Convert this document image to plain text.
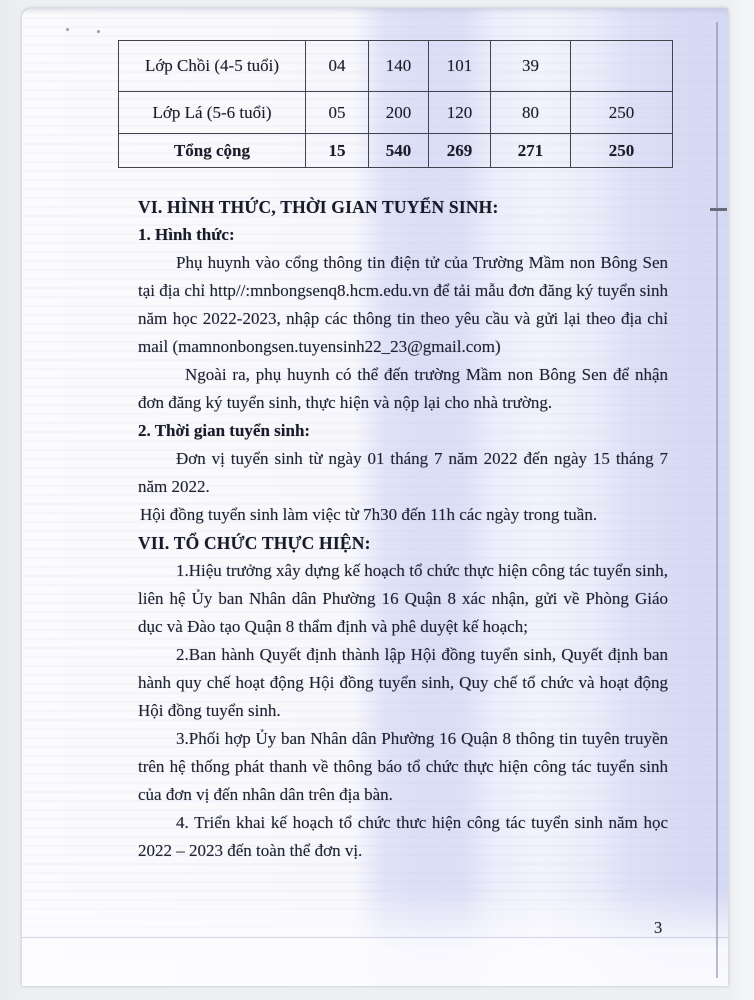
Lớp Chồi (4-5 tuổi)	04	140	101	39	
Lớp Lá (5-6 tuổi)	05	200	120	80	250
Tổng cộng	15	540	269	271	250
VI. HÌNH THỨC, THỜI GIAN TUYỂN SINH:
1. Hình thức:

Phụ huynh vào cổng thông tin điện tử của Trường Mầm non Bông Sen tại địa chỉ http//:mnbongsenq8.hcm.edu.vn để tải mẫu đơn đăng ký tuyển sinh năm học 2022-2023, nhập các thông tin theo yêu cầu và gửi lại theo địa chỉ mail (mamnonbongsen.tuyensinh22_23@gmail.com)

Ngoài ra, phụ huynh có thể đến trường Mầm non Bông Sen để nhận đơn đăng ký tuyển sinh, thực hiện và nộp lại cho nhà trường.

2. Thời gian tuyển sinh:

Đơn vị tuyển sinh từ ngày 01 tháng 7 năm 2022 đến ngày 15 tháng 7 năm 2022.

Hội đồng tuyển sinh làm việc từ 7h30 đến 11h các ngày trong tuần.

VII. TỔ CHỨC THỰC HIỆN:

1.Hiệu trưởng xây dựng kế hoạch tổ chức thực hiện công tác tuyển sinh, liên hệ Ủy ban Nhân dân Phường 16 Quận 8 xác nhận, gửi về Phòng Giáo dục và Đào tạo Quận 8 thẩm định và phê duyệt kế hoạch;

2.Ban hành Quyết định thành lập Hội đồng tuyển sinh, Quyết định ban hành quy chế hoạt động Hội đồng tuyển sinh, Quy chế tổ chức và hoạt động Hội đồng tuyển sinh.

3.Phối hợp Ủy ban Nhân dân Phường 16 Quận 8 thông tin tuyên truyền trên hệ thống phát thanh về thông báo tổ chức thực hiện công tác tuyển sinh của đơn vị đến nhân dân trên địa bàn.

4. Triển khai kế hoạch tổ chức thưc hiện công tác tuyển sinh năm học 2022 – 2023 đến toàn thể đơn vị.

3
